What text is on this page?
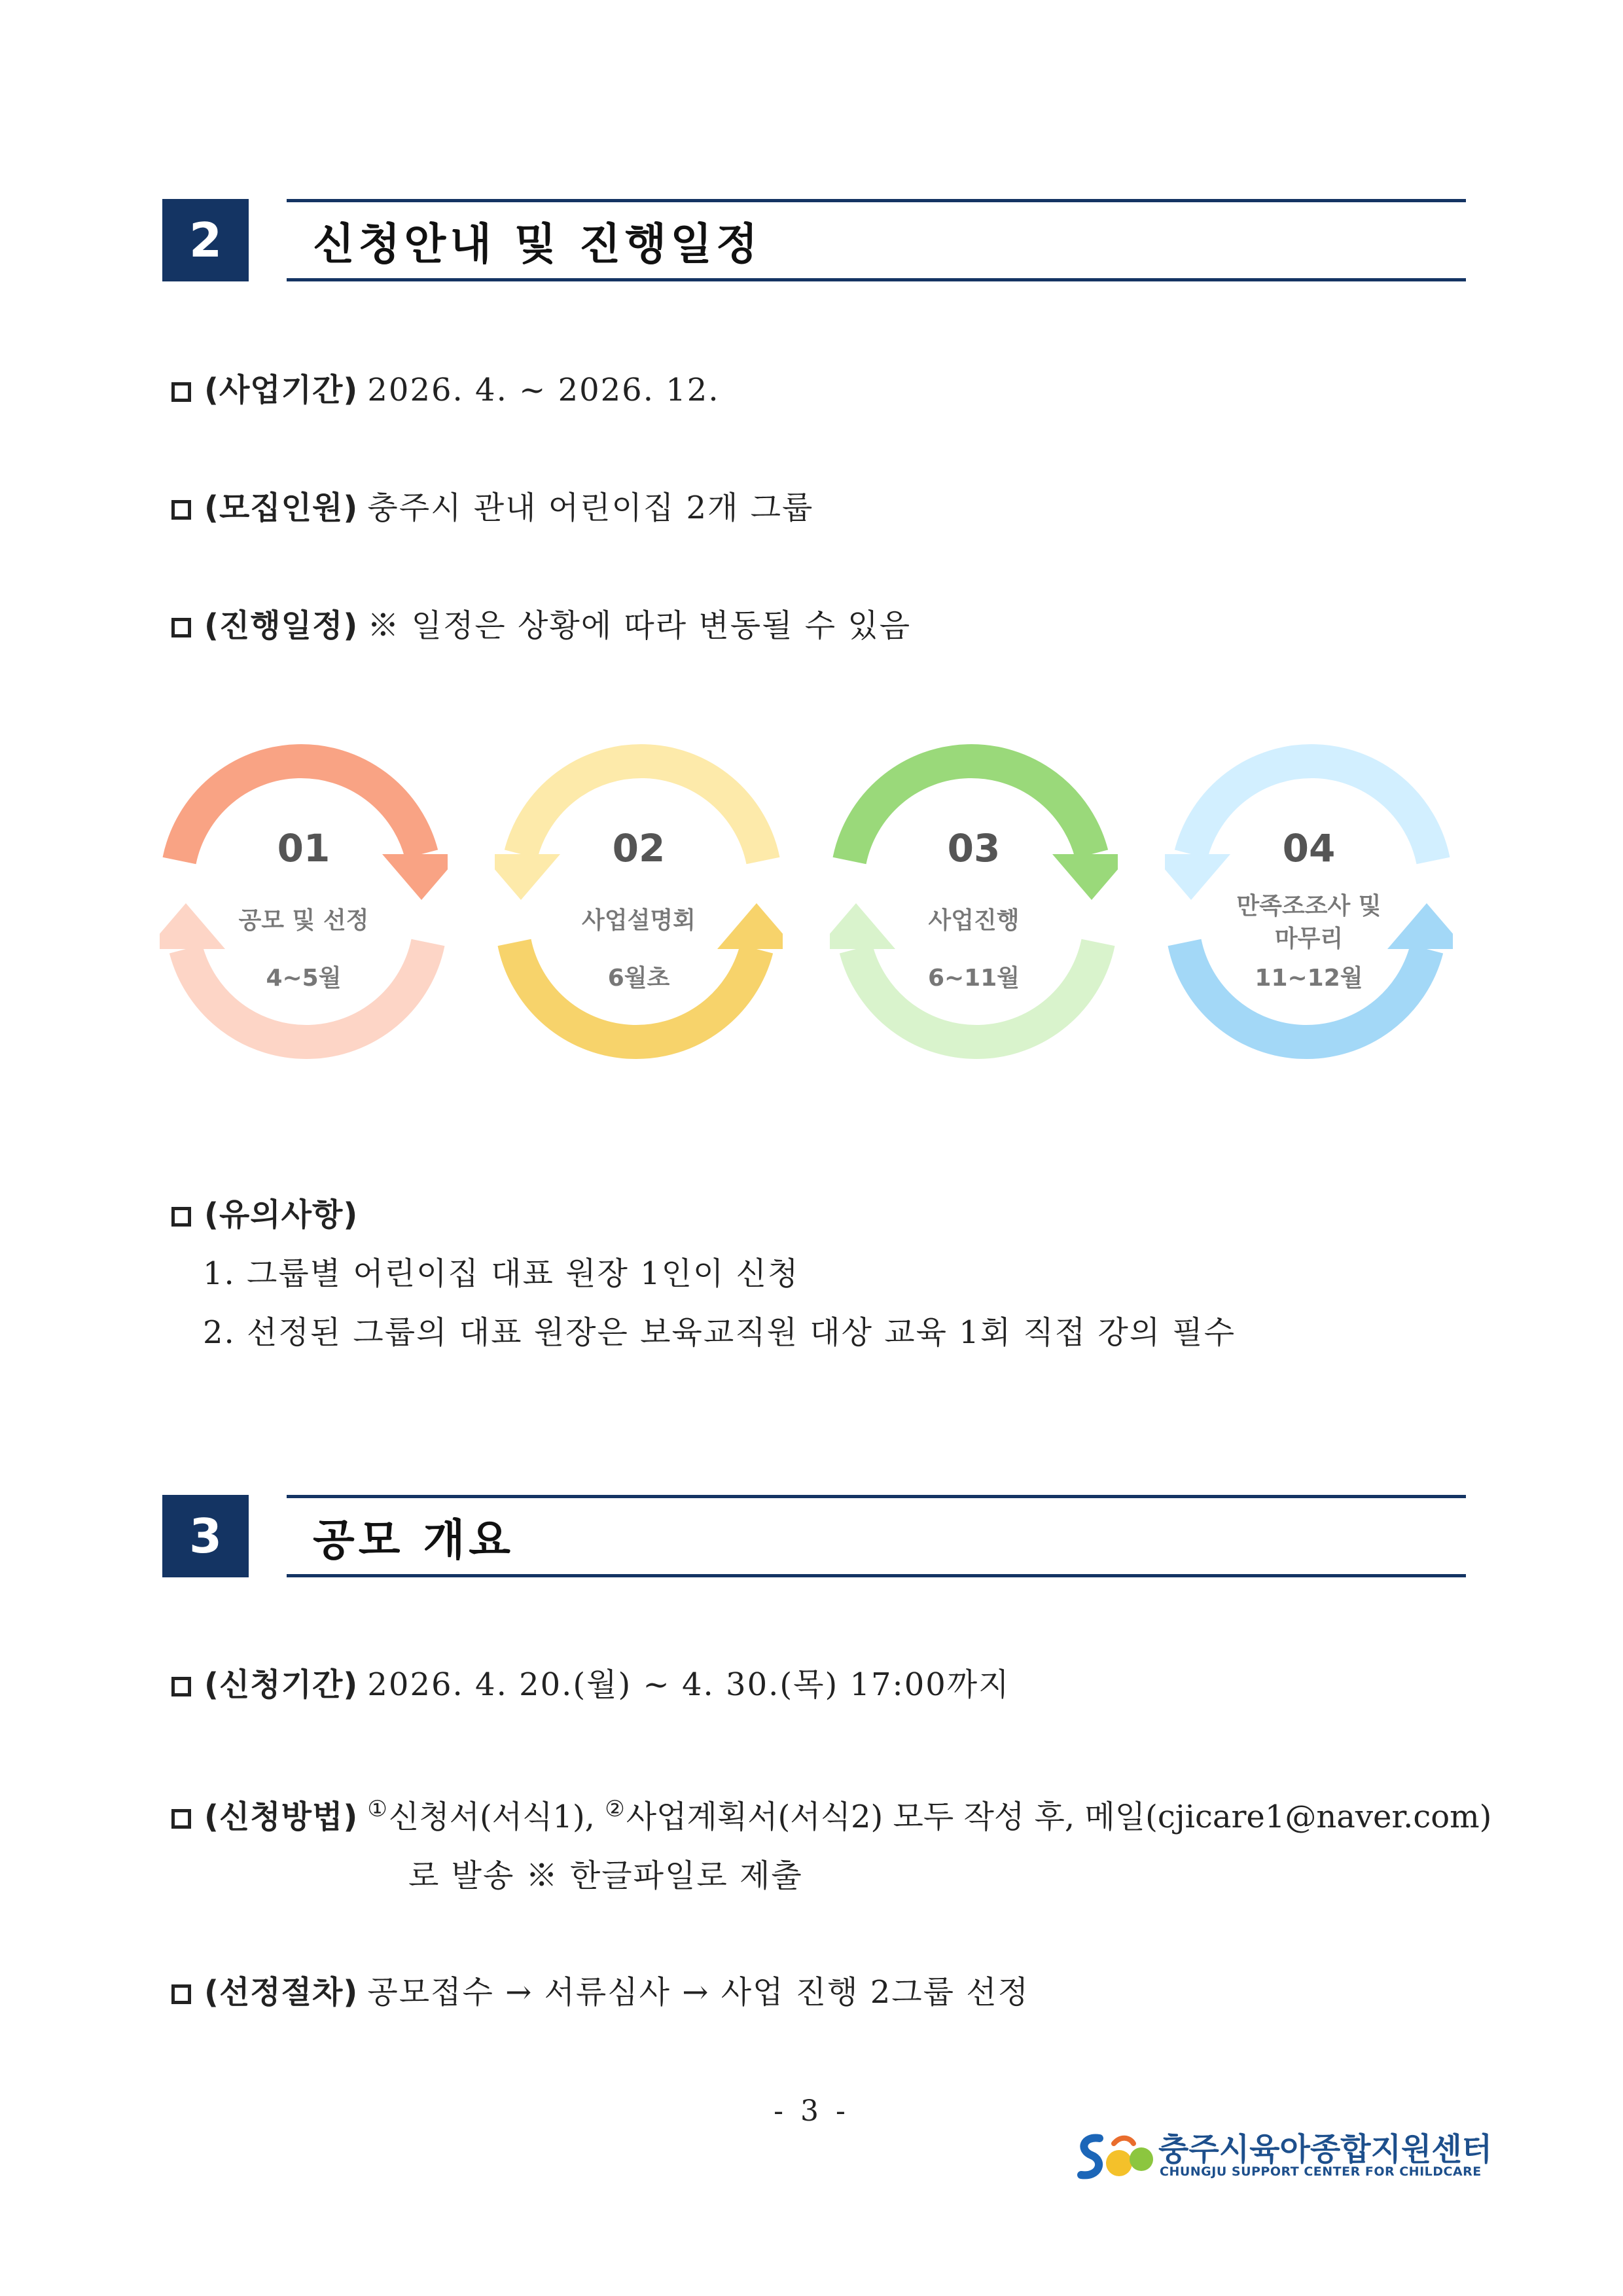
2	신청안내 및 진행일정
(사업기간) 2026. 4. ~ 2026. 12.
(모집인원) 충주시 관내 어린이집 2개 그룹
(진행일정) ※ 일정은 상황에 따라 변동될 수 있음
01
공모 및 선정
4~5월
02
사업설명회
6월초
03
사업진행
6~11월
04
만족조조사 및
마무리
11~12월
(유의사항)
1. 그룹별 어린이집 대표 원장 1인이 신청
2. 선정된 그룹의 대표 원장은 보육교직원 대상 교육 1회 직접 강의 필수
3	공모 개요
(신청기간) 2026. 4. 20.(월) ~ 4. 30.(목) 17:00까지
(신청방법) ①신청서(서식1), ②사업계획서(서식2) 모두 작성 후, 메일(cjicare1@naver.com)
로 발송 ※ 한글파일로 제출
(선정절차) 공모접수 → 서류심사 → 사업 진행 2그룹 선정
- 3 -
충주시육아종합지원센터
CHUNGJU SUPPORT CENTER FOR CHILDCARE
